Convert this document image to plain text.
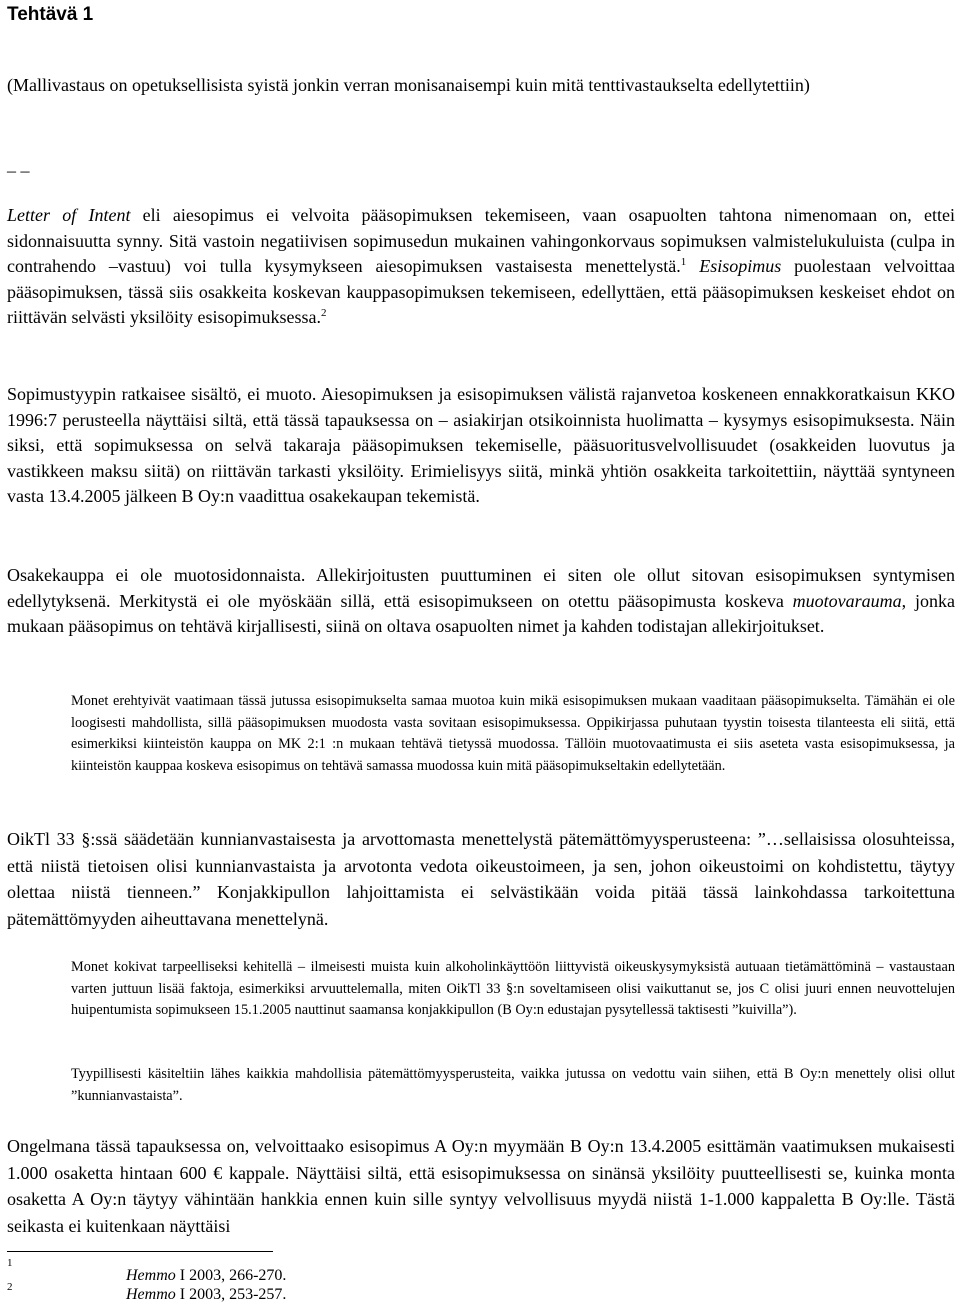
Tehtävä 1
(Mallivastaus on opetuksellisista syistä jonkin verran monisanaisempi kuin mitä tenttivastaukselta edellytettiin)
_ _
Letter of Intent eli aiesopimus ei velvoita pääsopimuksen tekemiseen, vaan osapuolten tahtona nimenomaan on, ettei sidonnaisuutta synny. Sitä vastoin negatiivisen sopimusedun mukainen vahingonkorvaus sopimuksen valmistelukuluista (culpa in contrahendo –vastuu) voi tulla kysymykseen aiesopimuksen vastaisesta menettelystä.$^1$ Esisopimus puolestaan velvoittaa pääsopimuksen, tässä siis osakkeita koskevan kauppasopimuksen tekemiseen, edellyttäen, että pääsopimuksen keskeiset ehdot on riittävän selvästi yksilöity esisopimuksessa.$^2$
Sopimustyypin ratkaisee sisältö, ei muoto. Aiesopimuksen ja esisopimuksen välistä rajanvetoa koskeneen ennakkoratkaisun KKO 1996:7 perusteella näyttäisi siltä, että tässä tapauksessa on – asiakirjan otsikoinnista huolimatta – kysymys esisopimuksesta. Näin siksi, että sopimuksessa on selvä takaraja pääsopimuksen tekemiselle, pääsuoritusvelvollisuudet (osakkeiden luovutus ja vastikkeen maksu siitä) on riittävän tarkasti yksilöity. Erimielisyys siitä, minkä yhtiön osakkeita tarkoitettiin, näyttää syntyneen vasta 13.4.2005 jälkeen B Oy:n vaadittua osakekaupan tekemistä.
Osakekauppa ei ole muotosidonnaista. Allekirjoitusten puuttuminen ei siten ole ollut sitovan esisopimuksen syntymisen edellytyksenä. Merkitystä ei ole myöskään sillä, että esisopimukseen on otettu pääsopimusta koskeva muotovarauma, jonka mukaan pääsopimus on tehtävä kirjallisesti, siinä on oltava osapuolten nimet ja kahden todistajan allekirjoitukset.
Monet erehtyivät vaatimaan tässä jutussa esisopimukselta samaa muotoa kuin mikä esisopimuksen mukaan vaaditaan pääsopimukselta. Tämähän ei ole loogisesti mahdollista, sillä pääsopimuksen muodosta vasta sovitaan esisopimuksessa. Oppikirjassa puhutaan tyystin toisesta tilanteesta eli siitä, että esimerkiksi kiinteistön kauppa on MK 2:1 :n mukaan tehtävä tietyssä muodossa. Tällöin muotovaatimusta ei siis aseteta vasta esisopimuksessa, ja kiinteistön kauppaa koskeva esisopimus on tehtävä samassa muodossa kuin mitä pääsopimukseltakin edellytetään.
OikTl 33 §:ssä säädetään kunnianvastaisesta ja arvottomasta menettelystä pätemättömyysperusteena: ”…sellaisissa olosuhteissa, että niistä tietoisen olisi kunnianvastaista ja arvotonta vedota oikeustoimeen, ja sen, johon oikeustoimi on kohdistettu, täytyy olettaa niistä tienneen.” Konjakkipullon lahjoittamista ei selvästikään voida pitää tässä lainkohdassa tarkoitettuna pätemättömyyden aiheuttavana menettelynä.
Monet kokivat tarpeelliseksi kehitellä – ilmeisesti muista kuin alkoholinkäyttöön liittyvistä oikeuskysymyksistä autuaan tietämättöminä – vastaustaan varten juttuun lisää faktoja, esimerkiksi arvuuttelemalla, miten OikTl 33 §:n soveltamiseen olisi vaikuttanut se, jos C olisi juuri ennen neuvottelujen huipentumista sopimukseen 15.1.2005 nauttinut saamansa konjakkipullon (B Oy:n edustajan pysytellessä taktisesti ”kuivilla”).
Tyypillisesti käsiteltiin lähes kaikkia mahdollisia pätemättömyysperusteita, vaikka jutussa on vedottu vain siihen, että B Oy:n menettely olisi ollut ”kunnianvastaista”.
Ongelmana tässä tapauksessa on, velvoittaako esisopimus A Oy:n myymään B Oy:n 13.4.2005 esittämän vaatimuksen mukaisesti 1.000 osaketta hintaan 600 € kappale. Näyttäisi siltä, että esisopimuksessa on sinänsä yksilöity puutteellisesti se, kuinka monta osaketta A Oy:n täytyy vähintään hankkia ennen kuin sille syntyy velvollisuus myydä niistä 1-1.000 kappaletta B Oy:lle. Tästä seikasta ei kuitenkaan näyttäisi
1
Hemmo I 2003, 266-270.
2	Hemmo I 2003, 253-257.
